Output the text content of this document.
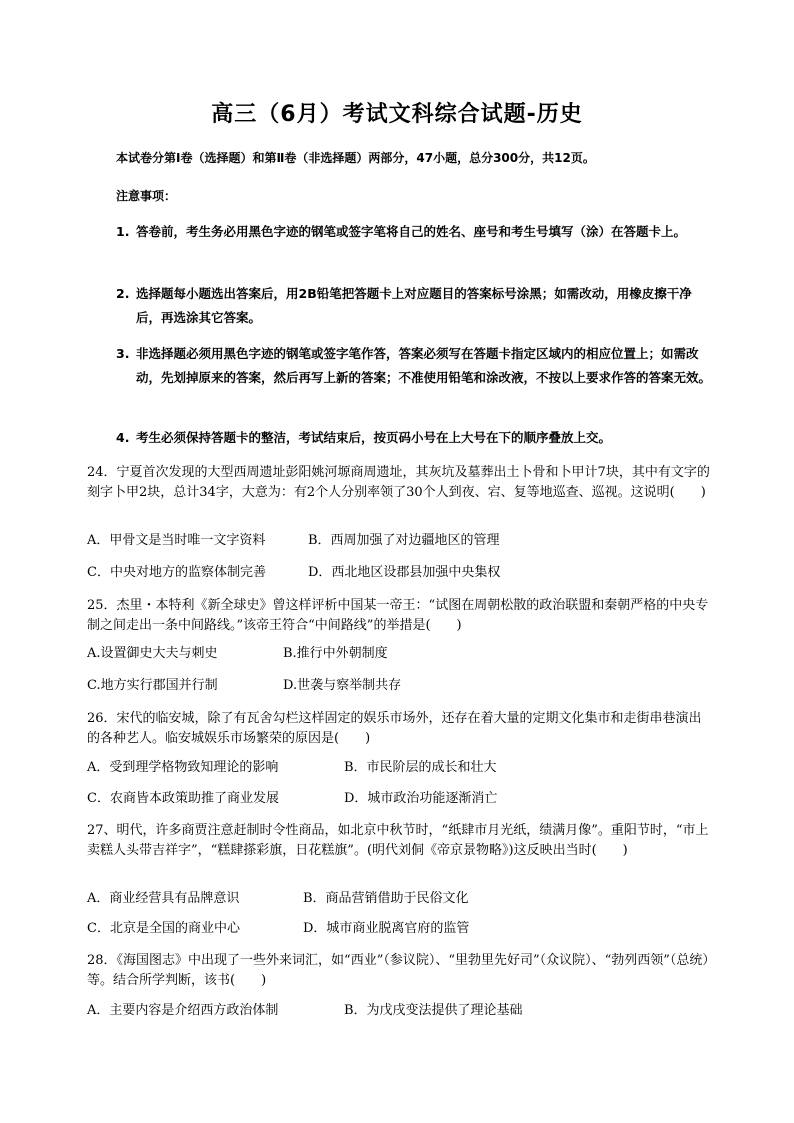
高三（6月）考试文科综合试题-历史
本试卷分第Ⅰ卷（选择题）和第Ⅱ卷（非选择题）两部分，47小题，总分300分，共12页。
注意事项：
1. 答卷前，考生务必用黑色字迹的钢笔或签字笔将自己的姓名、座号和考生号填写（涂）在答题卡上。
2. 选择题每小题选出答案后，用2B铅笔把答题卡上对应题目的答案标号涂黑；如需改动，用橡皮擦干净后，再选涂其它答案。
3. 非选择题必须用黑色字迹的钢笔或签字笔作答，答案必须写在答题卡指定区域内的相应位置上；如需改动，先划掉原来的答案，然后再写上新的答案；不准使用铅笔和涂改液，不按以上要求作答的答案无效。
4. 考生必须保持答题卡的整洁，考试结束后，按页码小号在上大号在下的顺序叠放上交。
24．宁夏首次发现的大型西周遗址彭阳姚河塬商周遗址，其灰坑及墓葬出土卜骨和卜甲计7块，其中有文字的刻字卜甲2块，总计34字，大意为：有2个人分别率领了30个人到夜、宕、复等地巡查、巡视。这说明(　　)
A．甲骨文是当时唯一文字资料	B．西周加强了对边疆地区的管理
C．中央对地方的监察体制完善	D．西北地区设郡县加强中央集权
25．杰里・本特利《新全球史》曾这样评析中国某一帝王：“试图在周朝松散的政治联盟和秦朝严格的中央专制之间走出一条中间路线。”该帝王符合“中间路线”的举措是(　　)
A.设置御史大夫与刺史	B.推行中外朝制度
C.地方实行郡国并行制	D.世袭与察举制共存
26．宋代的临安城，除了有瓦舍勾栏这样固定的娱乐市场外，还存在着大量的定期文化集市和走街串巷演出的各种艺人。临安城娱乐市场繁荣的原因是(　　)
A．受到理学格物致知理论的影响	B．市民阶层的成长和壮大
C．农商皆本政策助推了商业发展	D．城市政治功能逐渐消亡
27、明代，许多商贾注意赶制时令性商品，如北京中秋节时，“纸肆市月光纸，绩满月像”。重阳节时，“市上卖糕人头带吉祥字”，“糕肆搽彩旗，日花糕旗”。(明代刘侗《帝京景物略》)这反映出当时(　　)
A．商业经营具有品牌意识	B．商品营销借助于民俗文化
C．北京是全国的商业中心	D．城市商业脱离官府的监管
28．《海国图志》中出现了一些外来词汇，如“西业”（参议院）、“里勃里先好司”（众议院）、“勃列西领”（总统）等。结合所学判断，该书(　　)
A．主要内容是介绍西方政治体制	B．为戊戌变法提供了理论基础
